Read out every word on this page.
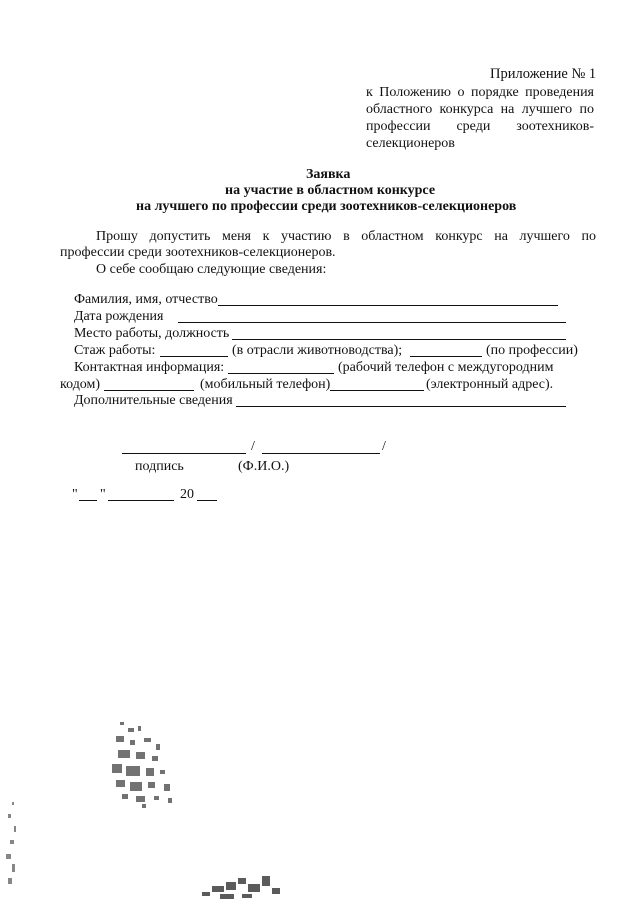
Приложение № 1
к Положению о порядке проведения
областного конкурса на лучшего по
профессии среди зоотехников-
селекционеров
Заявка
на участие в областном конкурсе
на лучшего по профессии среди зоотехников-селекционеров
Прошу допустить меня к участию в областном конкурс на лучшего по
профессии среди зоотехников-селекционеров.
О себе сообщаю следующие сведения:
Фамилия, имя, отчество
Дата рождения
Место работы, должность
Стаж работы:	(в отрасли животноводства);	(по профессии)
Контактная информация:	(рабочий телефон с междугородним
кодом)	(мобильный телефон)	(электронный адрес).
Дополнительные сведения
/	/
подпись	(Ф.И.О.)
" "	20
